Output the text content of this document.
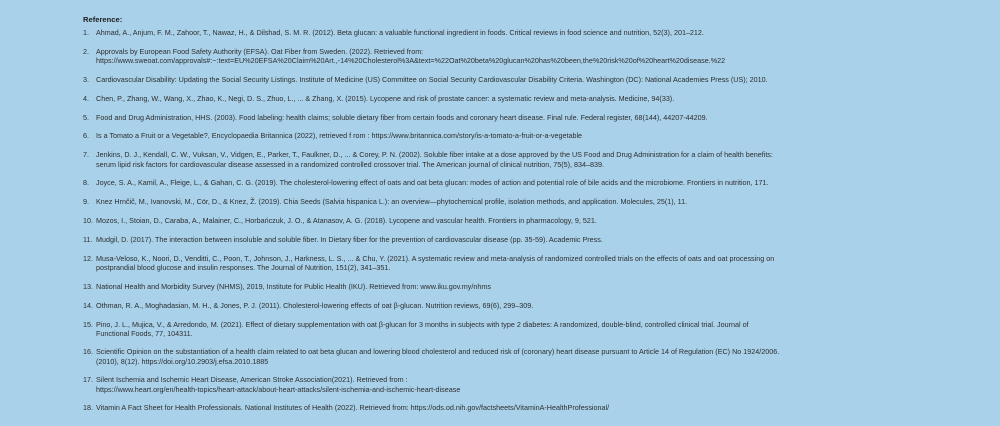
Reference:
1. Ahmad, A., Anjum, F. M., Zahoor, T., Nawaz, H., & Dilshad, S. M. R. (2012). Beta glucan: a valuable functional ingredient in foods. Critical reviews in food science and nutrition, 52(3), 201–212.
2. Approvals by European Food Safety Authority (EFSA). Oat Fiber from Sweden. (2022). Retrieved from:
https://www.sweoat.com/approvals#:~:text=EU%20EFSA%20Claim%20Art.,-14%20Cholesterol%3A&text=%22Oat%20beta%20glucan%20has%20been,the%20risk%20of%20heart%20disease.%22
3. Cardiovascular Disability: Updating the Social Security Listings. Institute of Medicine (US) Committee on Social Security Cardiovascular Disability Criteria. Washington (DC): National Academies Press (US); 2010.
4. Chen, P., Zhang, W., Wang, X., Zhao, K., Negi, D. S., Zhuo, L., ... & Zhang, X. (2015). Lycopene and risk of prostate cancer: a systematic review and meta-analysis. Medicine, 94(33).
5. Food and Drug Administration, HHS. (2003). Food labeling: health claims; soluble dietary fiber from certain foods and coronary heart disease. Final rule. Federal register, 68(144), 44207-44209.
6. Is a Tomato a Fruit or a Vegetable?, Encyclopaedia Britannica (2022), retrieved f rom : https://www.britannica.com/story/is-a-tomato-a-fruit-or-a-vegetable
7. Jenkins, D. J., Kendall, C. W., Vuksan, V., Vidgen, E., Parker, T., Faulkner, D., ... & Corey, P. N. (2002). Soluble fiber intake at a dose approved by the US Food and Drug Administration for a claim of health benefits:
serum lipid risk factors for cardiovascular disease assessed in a randomized controlled crossover trial. The American journal of clinical nutrition, 75(5), 834–839.
8. Joyce, S. A., Kamil, A., Fleige, L., & Gahan, C. G. (2019). The cholesterol-lowering effect of oats and oat beta glucan: modes of action and potential role of bile acids and the microbiome. Frontiers in nutrition, 171.
9. Knez Hrnčič, M., Ivanovski, M., Cör, D., & Knez, Ž. (2019). Chia Seeds (Salvia hispanica L.): an overview—phytochemical profile, isolation methods, and application. Molecules, 25(1), 11.
10. Mozos, I., Stoian, D., Caraba, A., Malainer, C., Horbańczuk, J. O., & Atanasov, A. G. (2018). Lycopene and vascular health. Frontiers in pharmacology, 9, 521.
11. Mudgil, D. (2017). The interaction between insoluble and soluble fiber. In Dietary fiber for the prevention of cardiovascular disease (pp. 35-59). Academic Press.
12. Musa-Veloso, K., Noori, D., Venditti, C., Poon, T., Johnson, J., Harkness, L. S., ... & Chu, Y. (2021). A systematic review and meta-analysis of randomized controlled trials on the effects of oats and oat processing on
postprandial blood glucose and insulin responses. The Journal of Nutrition, 151(2), 341–351.
13. National Health and Morbidity Survey (NHMS), 2019, Institute for Public Health (IKU). Retrieved from: www.iku.gov.my/nhms
14. Othman, R. A., Moghadasian, M. H., & Jones, P. J. (2011). Cholesterol-lowering effects of oat β-glucan. Nutrition reviews, 69(6), 299–309.
15. Pino, J. L., Mujica, V., & Arredondo, M. (2021). Effect of dietary supplementation with oat β-glucan for 3 months in subjects with type 2 diabetes: A randomized, double-blind, controlled clinical trial. Journal of
Functional Foods, 77, 104311.
16. Scientific Opinion on the substantiation of a health claim related to oat beta glucan and lowering blood cholesterol and reduced risk of (coronary) heart disease pursuant to Article 14 of Regulation (EC) No 1924/2006.
(2010), 8(12). https://doi.org/10.2903/j.efsa.2010.1885
17. Silent Ischemia and Ischemic Heart Disease, American Stroke Association(2021). Retrieved from :
https://www.heart.org/en/health-topics/heart-attack/about-heart-attacks/silent-ischemia-and-ischemic-heart-disease
18. Vitamin A Fact Sheet for Health Professionals. National Institutes of Health (2022). Retrieved from: https://ods.od.nih.gov/factsheets/VitaminA-HealthProfessional/
